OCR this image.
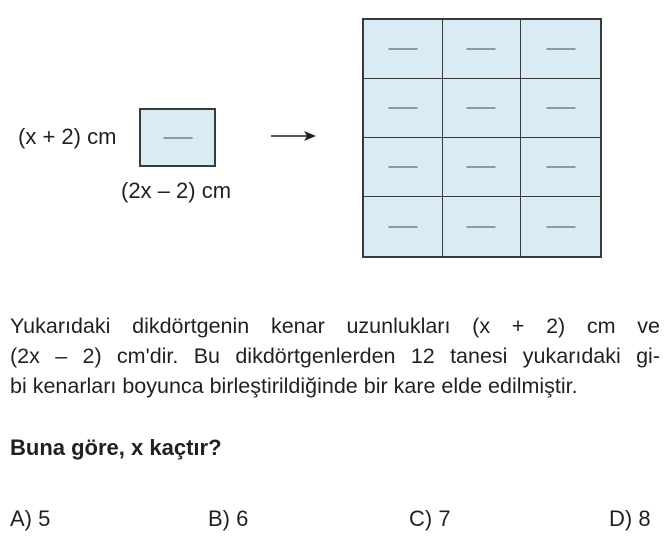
(x + 2) cm
(2x – 2) cm
Yukarıdaki dikdörtgenin kenar uzunlukları (x + 2) cm ve
(2x – 2) cm'dir. Bu dikdörtgenlerden 12 tanesi yukarıdaki gi-
bi kenarları boyunca birleştirildiğinde bir kare elde edilmiştir.
Buna göre, x kaçtır?
A) 5	B) 6	C) 7	D) 8
